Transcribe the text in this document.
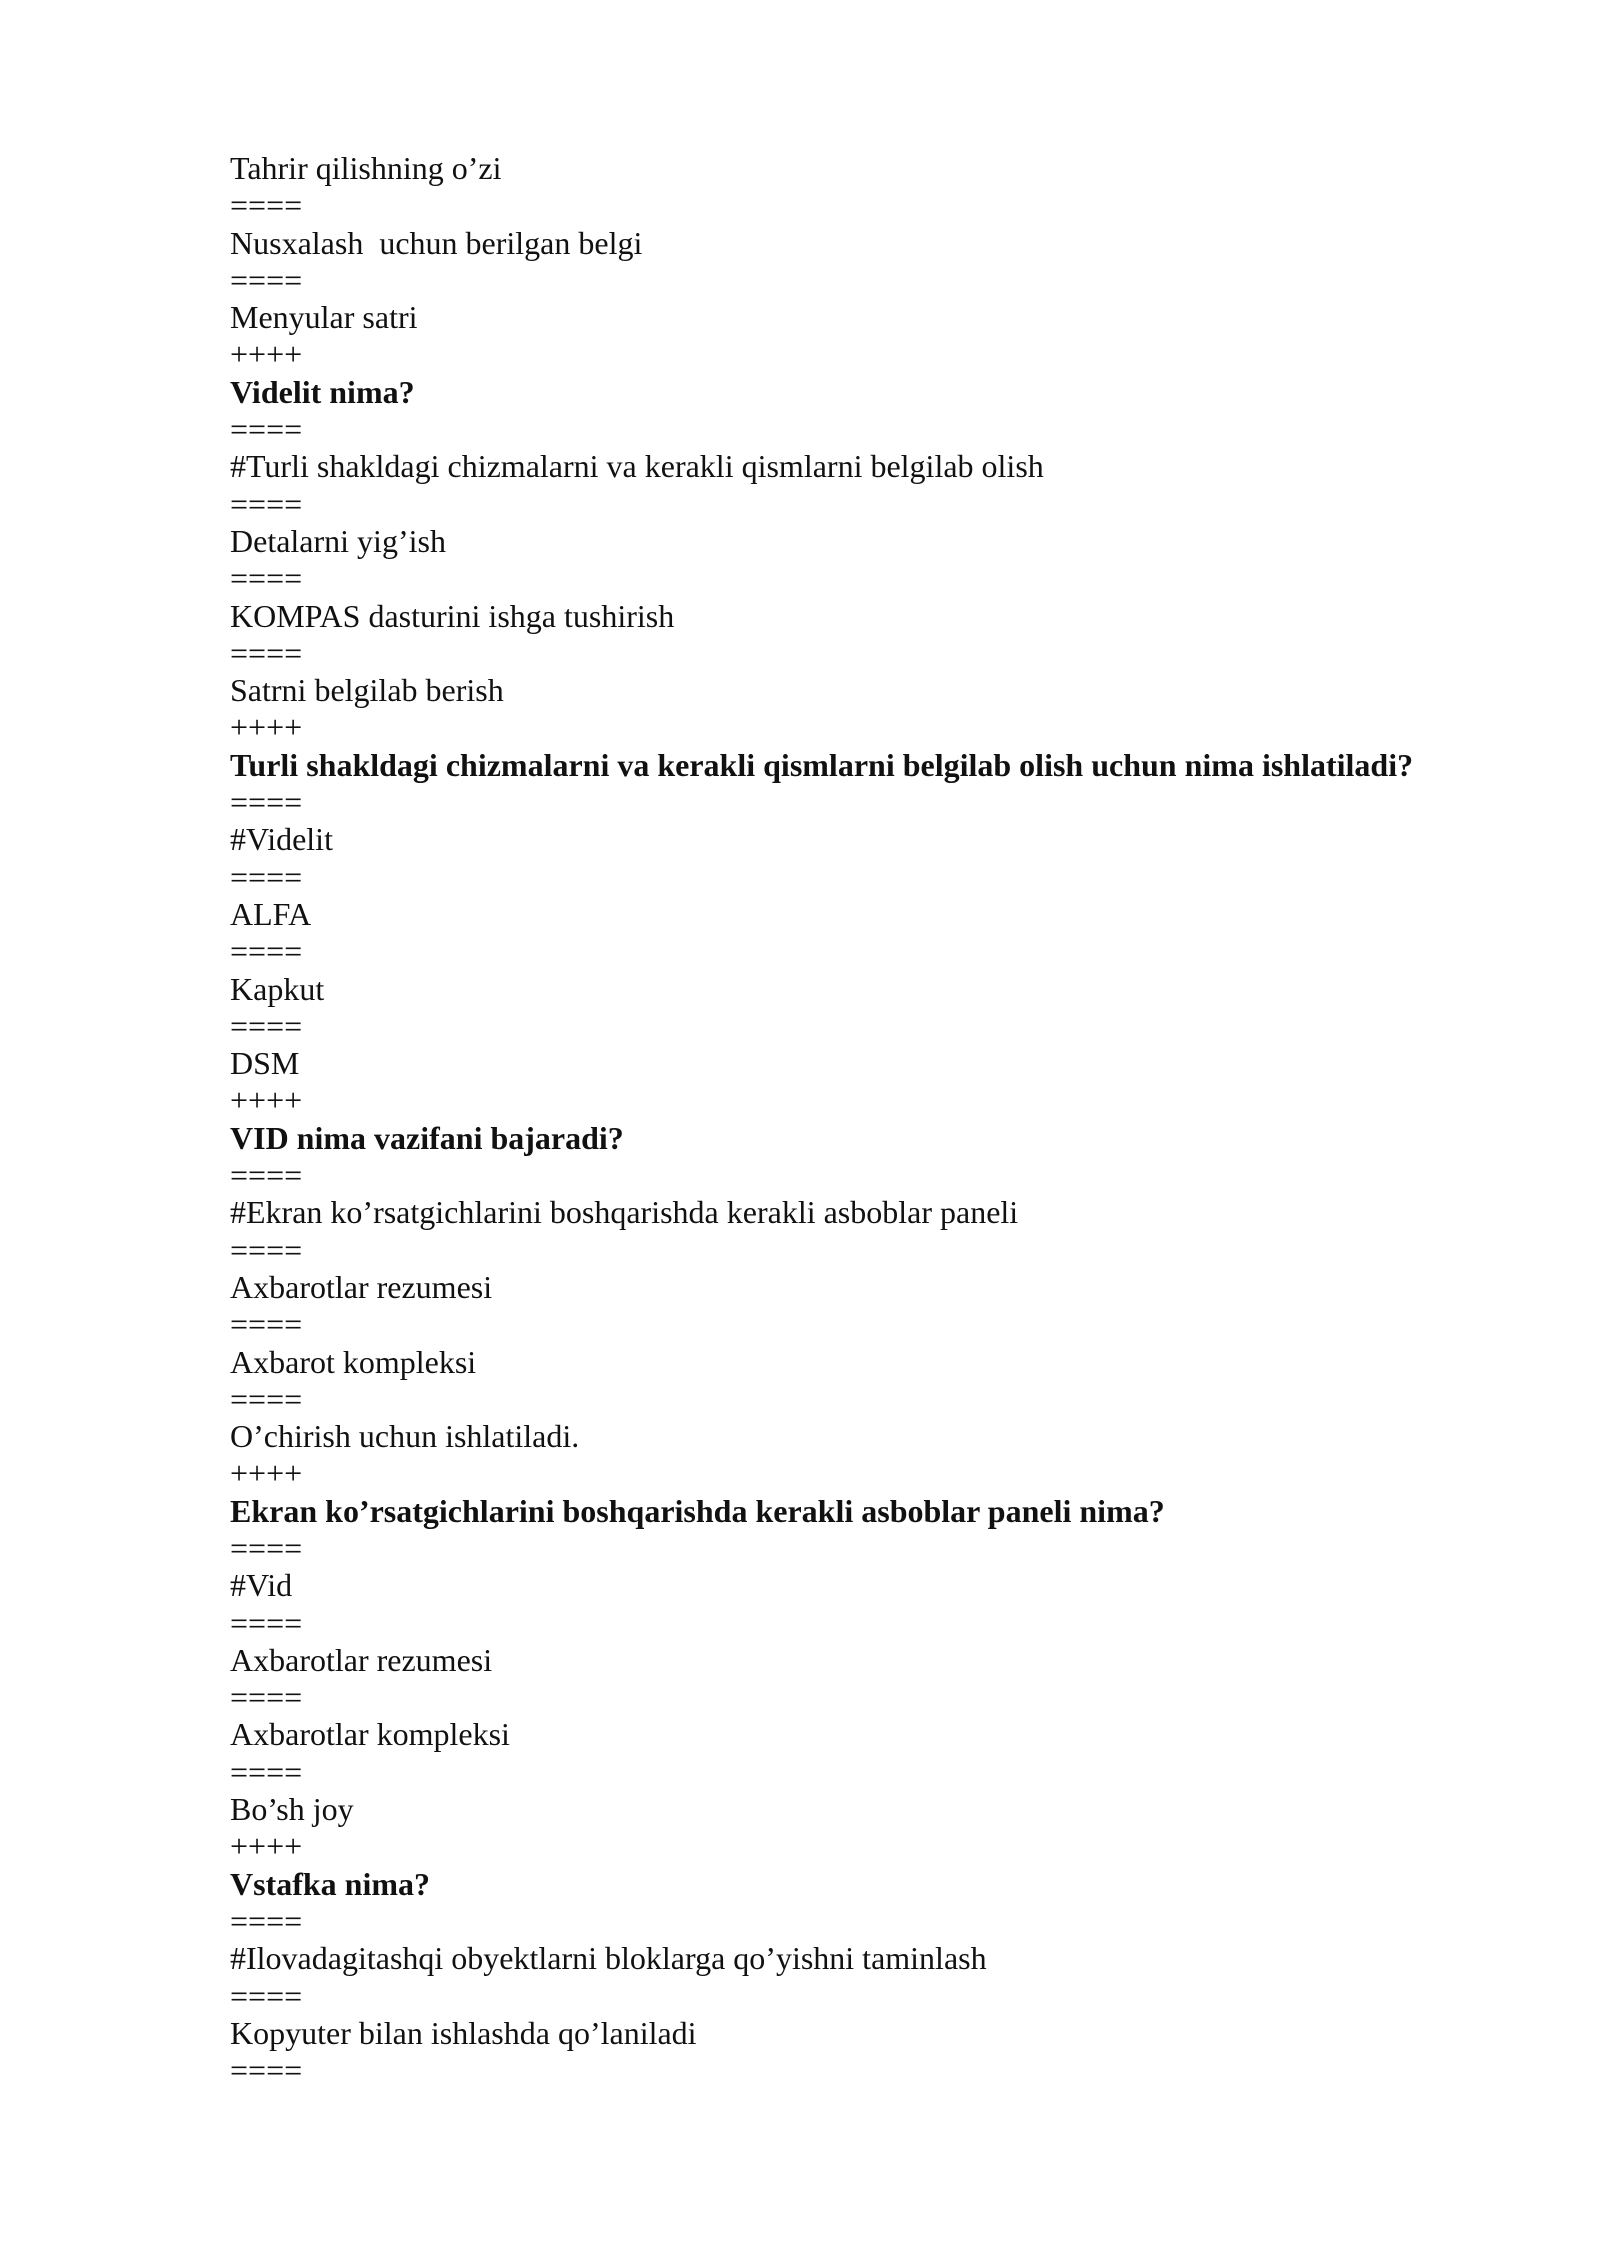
Tahrir qilishning o’zi
====
Nusxalash  uchun berilgan belgi
====
Menyular satri
++++
Videlit nima?
====
#Turli shakldagi chizmalarni va kerakli qismlarni belgilab olish
====
Detalarni yig’ish
====
KOMPAS dasturini ishga tushirish
====
Satrni belgilab berish
++++
Turli shakldagi chizmalarni va kerakli qismlarni belgilab olish uchun nima ishlatiladi?
====
#Videlit
====
ALFA
====
Kapkut
====
DSM
++++
VID nima vazifani bajaradi?
====
#Ekran ko’rsatgichlarini boshqarishda kerakli asboblar paneli
====
Axbarotlar rezumesi
====
Axbarot kompleksi
====
O’chirish uchun ishlatiladi.
++++
Ekran ko’rsatgichlarini boshqarishda kerakli asboblar paneli nima?
====
#Vid
====
Axbarotlar rezumesi
====
Axbarotlar kompleksi
====
Bo’sh joy
++++
Vstafka nima?
====
#Ilovadagitashqi obyektlarni bloklarga qo’yishni taminlash
====
Kopyuter bilan ishlashda qo’laniladi
====
